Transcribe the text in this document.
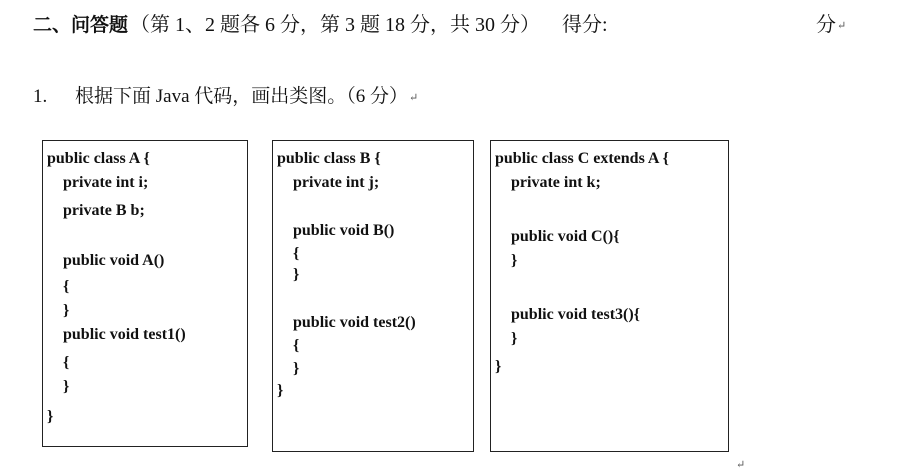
二、问答题 （第 1、2 题各 6 分，第 3 题 18 分，共 30 分） 得分:	分↵
1. 根据下面 Java 代码，画出类图。（6 分）↵
public class A {
private int i;
private B b;
public void A()
{
}
public void test1()
{
}
}
public class B {
private int j;
public void B()
{
}
public void test2()
{
}
}
public class C extends A {
private int k;
public void C(){
}
public void test3(){
}
}
↵
